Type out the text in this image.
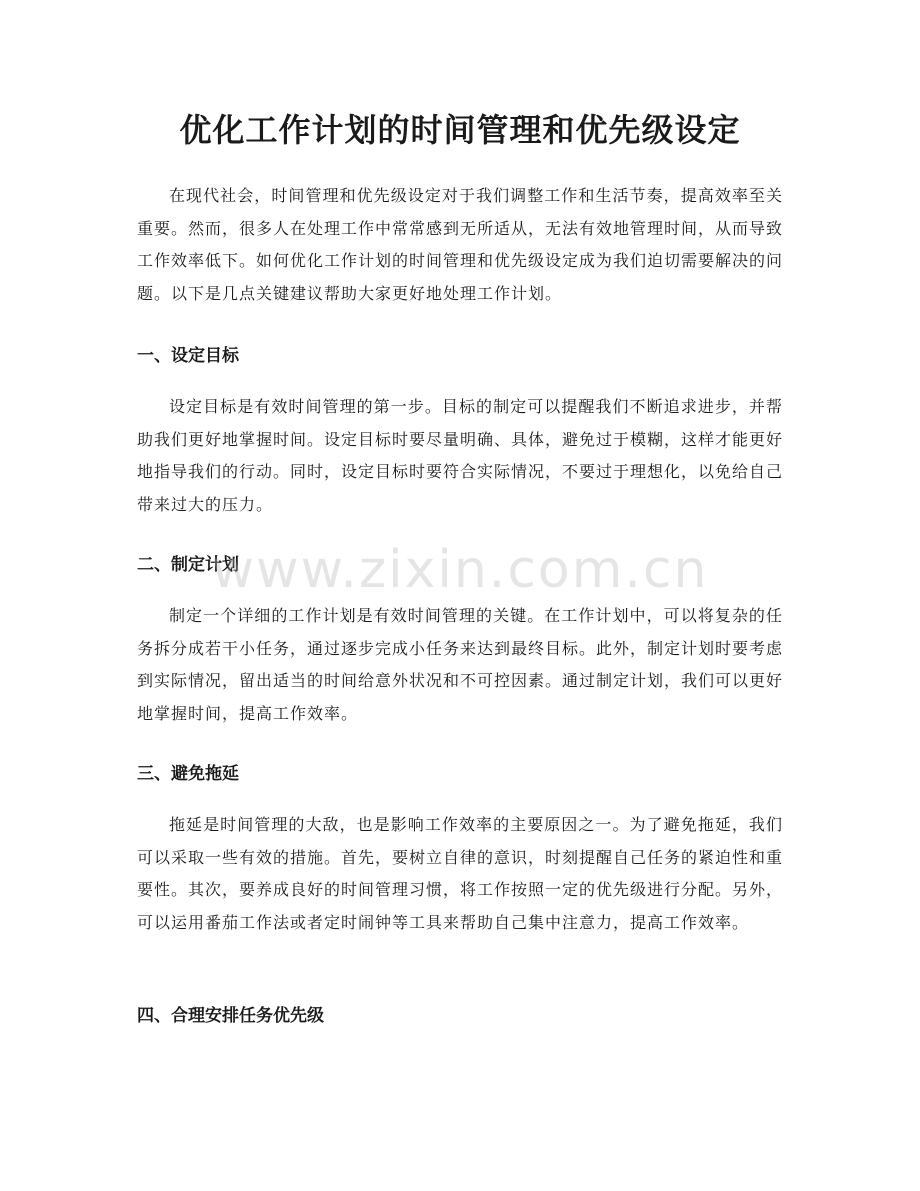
优化工作计划的时间管理和优先级设定

在现代社会，时间管理和优先级设定对于我们调整工作和生活节奏，提高效率至关重要。然而，很多人在处理工作中常常感到无所适从，无法有效地管理时间，从而导致工作效率低下。如何优化工作计划的时间管理和优先级设定成为我们迫切需要解决的问题。以下是几点关键建议帮助大家更好地处理工作计划。

一、设定目标

设定目标是有效时间管理的第一步。目标的制定可以提醒我们不断追求进步，并帮助我们更好地掌握时间。设定目标时要尽量明确、具体，避免过于模糊，这样才能更好地指导我们的行动。同时，设定目标时要符合实际情况，不要过于理想化，以免给自己带来过大的压力。

二、制定计划

制定一个详细的工作计划是有效时间管理的关键。在工作计划中，可以将复杂的任务拆分成若干小任务，通过逐步完成小任务来达到最终目标。此外，制定计划时要考虑到实际情况，留出适当的时间给意外状况和不可控因素。通过制定计划，我们可以更好地掌握时间，提高工作效率。

三、避免拖延

拖延是时间管理的大敌，也是影响工作效率的主要原因之一。为了避免拖延，我们可以采取一些有效的措施。首先，要树立自律的意识，时刻提醒自己任务的紧迫性和重要性。其次，要养成良好的时间管理习惯，将工作按照一定的优先级进行分配。另外，可以运用番茄工作法或者定时闹钟等工具来帮助自己集中注意力，提高工作效率。

四、合理安排任务优先级
www.zixin.com.cn
